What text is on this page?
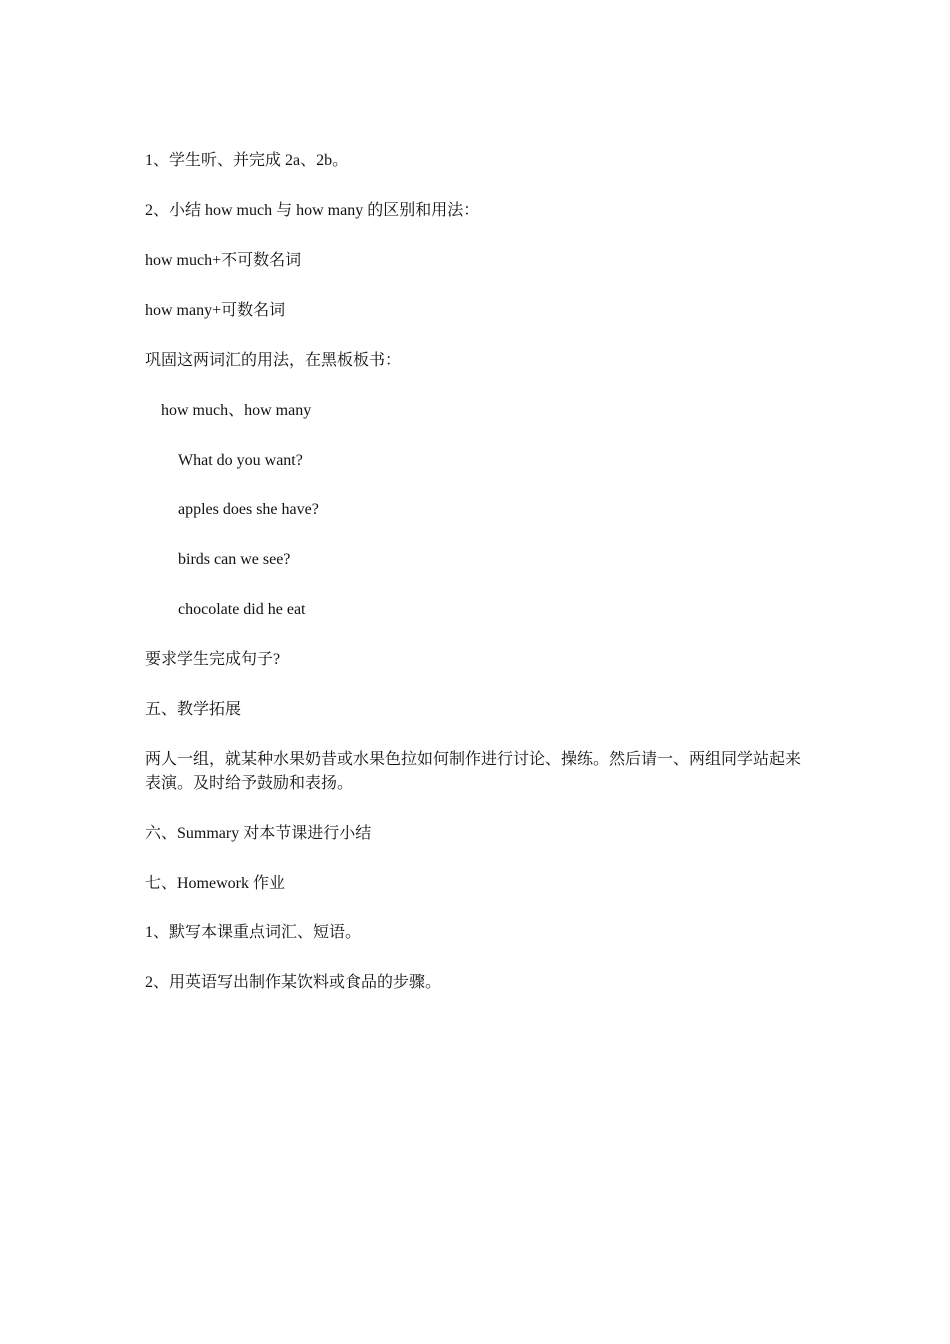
1、学生听、并完成 2a、2b。
2、小结 how much 与 how many 的区别和用法：
how much+不可数名词
how many+可数名词
巩固这两词汇的用法，在黑板板书：
how much、how many
What do you want?
apples does she have?
birds can we see?
chocolate did he eat
要求学生完成句子?
五、教学拓展
两人一组，就某种水果奶昔或水果色拉如何制作进行讨论、操练。然后请一、两组同学站起来表演。及时给予鼓励和表扬。
六、Summary 对本节课进行小结
七、Homework 作业
1、默写本课重点词汇、短语。
2、用英语写出制作某饮料或食品的步骤。
